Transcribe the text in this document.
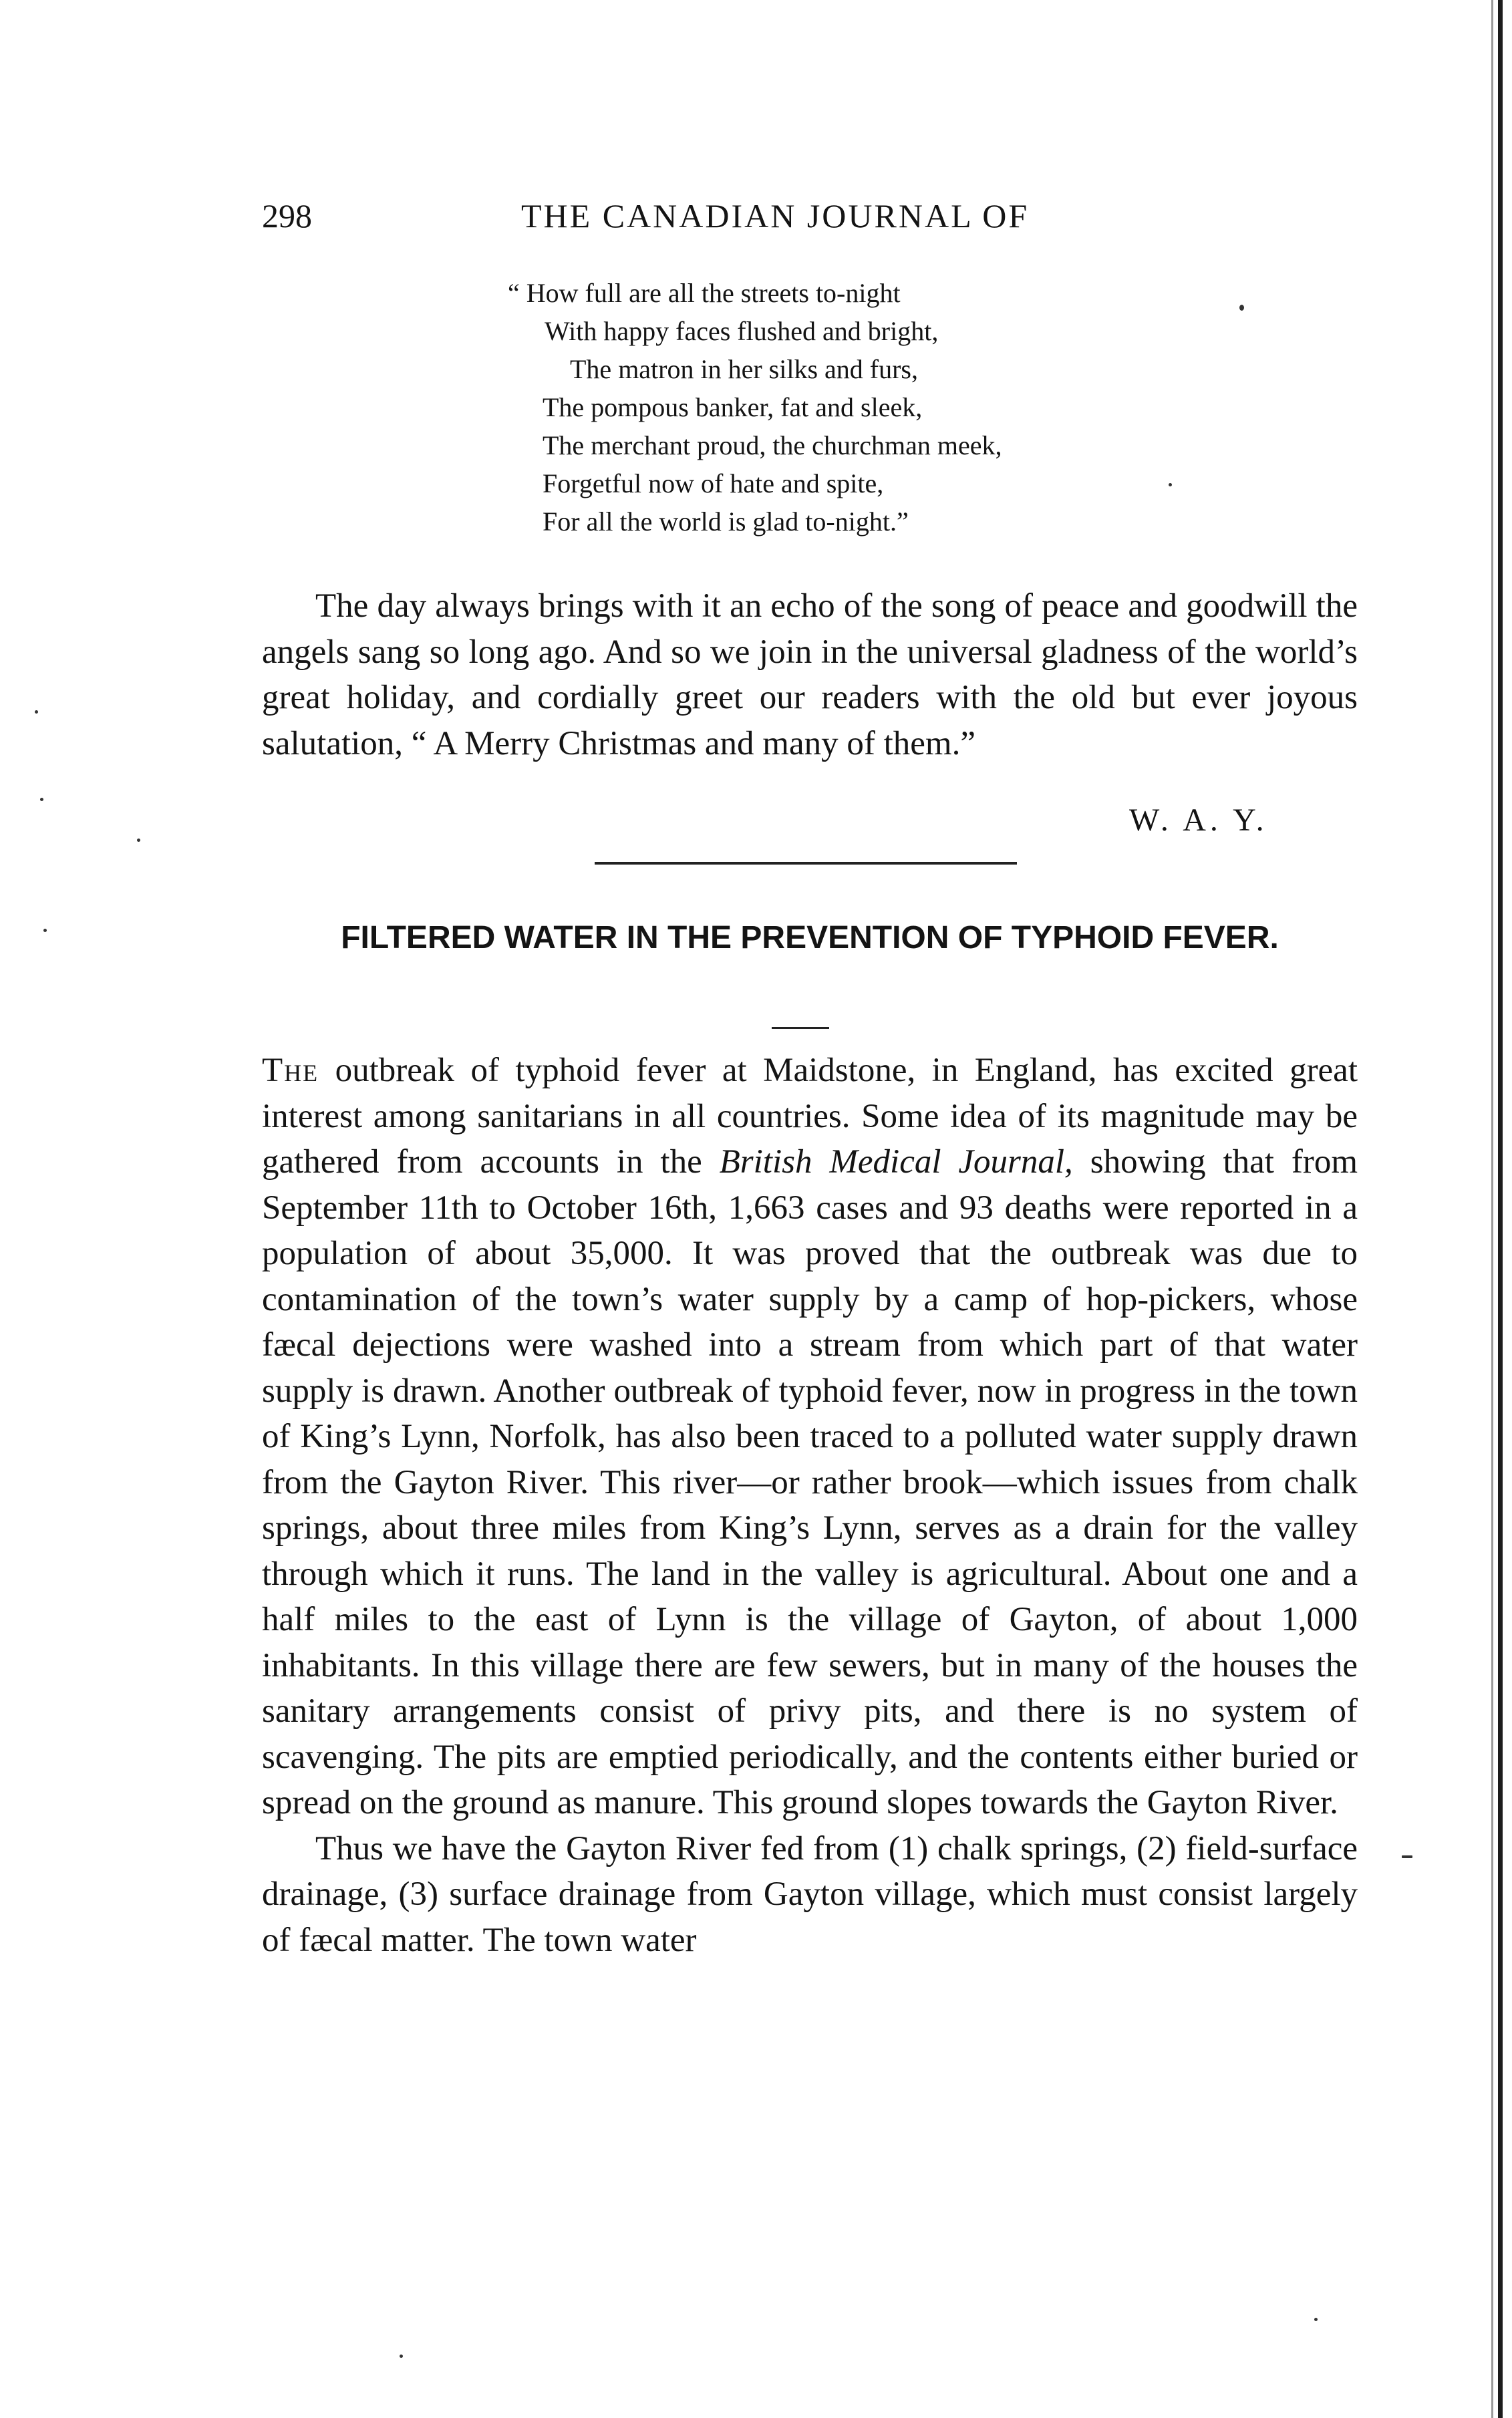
298	THE CANADIAN JOURNAL OF
“ How full are all the streets to-night
With happy faces flushed and bright,
The matron in her silks and furs,
The pompous banker, fat and sleek,
The merchant proud, the churchman meek,
Forgetful now of hate and spite,
For all the world is glad to-night.”

The day always brings with it an echo of the song of peace and goodwill the angels sang so long ago. And so we join in the universal gladness of the world’s great holiday, and cordially greet our readers with the old but ever joyous salutation, “ A Merry Christmas and many of them.”

W. A. Y.
FILTERED WATER IN THE PREVENTION OF TYPHOID FEVER.

The outbreak of typhoid fever at Maidstone, in England, has excited great interest among sanitarians in all countries. Some idea of its magnitude may be gathered from accounts in the British Medical Journal, showing that from September 11th to October 16th, 1,663 cases and 93 deaths were reported in a population of about 35,000. It was proved that the outbreak was due to contamination of the town’s water supply by a camp of hop-pickers, whose fæcal dejections were washed into a stream from which part of that water supply is drawn. Another outbreak of typhoid fever, now in progress in the town of King’s Lynn, Norfolk, has also been traced to a polluted water supply drawn from the Gayton River. This river—or rather brook—which issues from chalk springs, about three miles from King’s Lynn, serves as a drain for the valley through which it runs. The land in the valley is agricultural. About one and a half miles to the east of Lynn is the village of Gayton, of about 1,000 inhabitants. In this village there are few sewers, but in many of the houses the sanitary arrangements consist of privy pits, and there is no system of scavenging. The pits are emptied periodically, and the contents either buried or spread on the ground as manure. This ground slopes towards the Gayton River.

Thus we have the Gayton River fed from (1) chalk springs, (2) field-surface drainage, (3) surface drainage from Gayton village, which must consist largely of fæcal matter. The town water
